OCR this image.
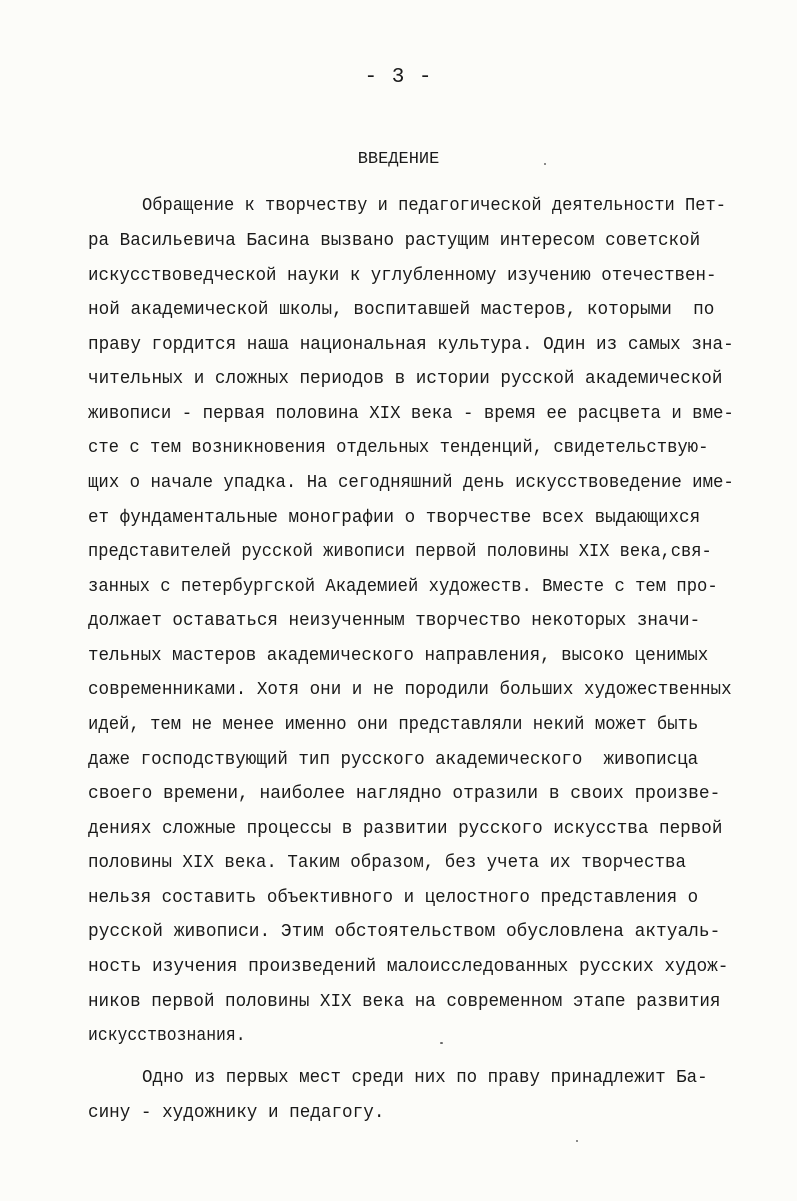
- 3 -
ВВЕДЕНИЕ
Обращение к творчеству и педагогической деятельности Пет-
ра Васильевича Басина вызвано растущим интересом советской
искусствоведческой науки к углубленному изучению отечествен-
ной академической школы, воспитавшей мастеров, которыми  по
праву гордится наша национальная культура. Один из самых зна-
чительных и сложных периодов в истории русской академической
живописи - первая половина XIX века - время ее расцвета и вме-
сте с тем возникновения отдельных тенденций, свидетельствую-
щих о начале упадка. На сегодняшний день искусствоведение име-
ет фундаментальные монографии о творчестве всех выдающихся
представителей русской живописи первой половины XIX века,свя-
занных с петербургской Академией художеств. Вместе с тем про-
должает оставаться неизученным творчество некоторых значи-
тельных мастеров академического направления, высоко ценимых
современниками. Хотя они и не породили больших художественных
идей, тем не менее именно они представляли некий может быть
даже господствующий тип русского академического  живописца
своего времени, наиболее наглядно отразили в своих произве-
дениях сложные процессы в развитии русского искусства первой
половины XIX века. Таким образом, без учета их творчества
нельзя составить объективного и целостного представления о
русской живописи. Этим обстоятельством обусловлена актуаль-
ность изучения произведений малоисследованных русских худож-
ников первой половины XIX века на современном этапе развития
искусствознания.
Одно из первых мест среди них по праву принадлежит Ба-
сину - художнику и педагогу.
